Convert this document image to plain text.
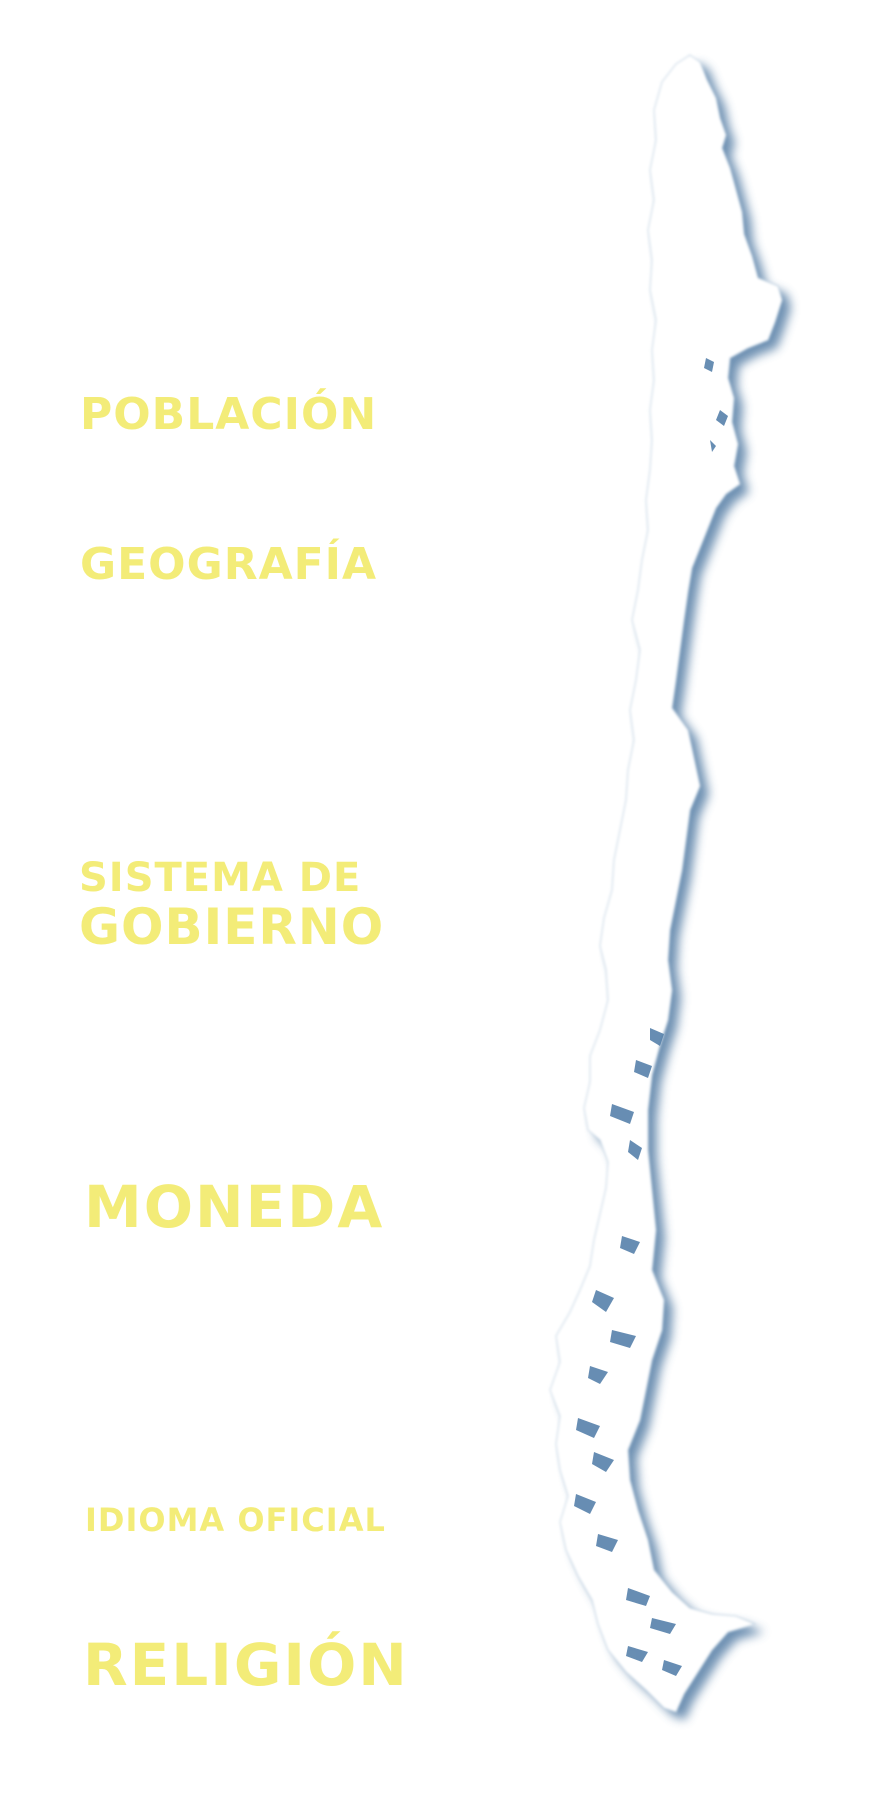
POBLACIÓN
GEOGRAFÍA
SISTEMA DE
GOBIERNO
MONEDA
IDIOMA OFICIAL
RELIGIÓN
